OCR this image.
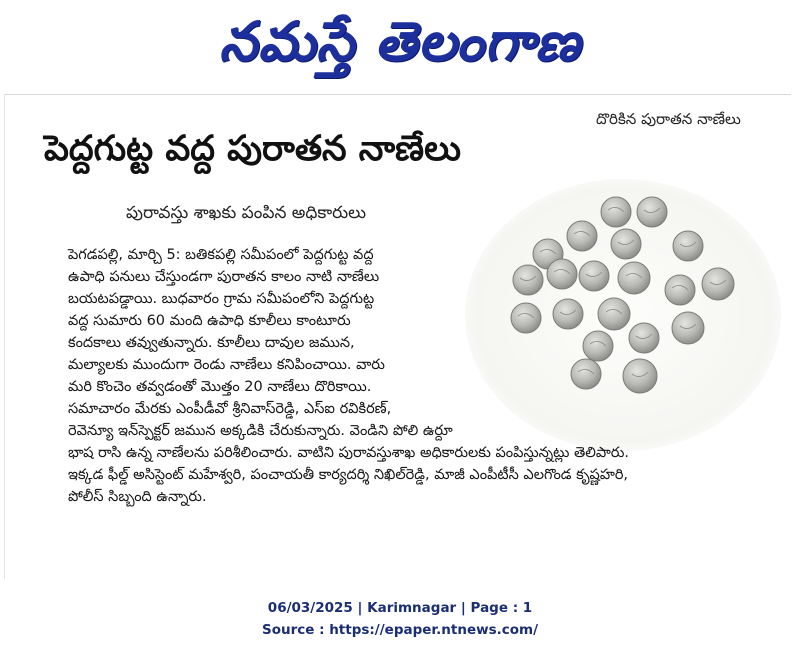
నమస్తే తెలంగాణ
దొరికిన పురాతన నాణేలు
పెద్దగుట్ట వద్ద పురాతన నాణేలు
పురావస్తు శాఖకు పంపిన అధికారులు
పెగడపల్లి, మార్చి 5: బతికపల్లి సమీపంలో పెద్దగుట్ట వద్ద
ఉపాధి పనులు చేస్తుండగా పురాతన కాలం నాటి నాణేలు
బయటపడ్డాయి. బుధవారం గ్రామ సమీపంలోని పెద్దగుట్ట
వద్ద సుమారు 60 మంది ఉపాధి కూలీలు కాంటూరు
కందకాలు తవ్వుతున్నారు. కూలీలు దావుల జమున,
మల్యాలకు ముందుగా రెండు నాణేలు కనిపించాయి. వారు
మరి కొంచెం తవ్వడంతో మొత్తం 20 నాణేలు దొరికాయి.
సమాచారం మేరకు ఎంపీడీవో శ్రీనివాస్‌రెడ్డి, ఎస్ఐ రవికిరణ్,
రెవెన్యూ ఇన్‌స్పెక్టర్ జమున అక్కడికి చేరుకున్నారు. వెండిని పోలి ఉర్దూ
భాష రాసి ఉన్న నాణేలను పరిశీలించారు. వాటిని పురావస్తుశాఖ అధికారులకు పంపిస్తున్నట్లు తెలిపారు.
ఇక్కడ ఫీల్డ్ అసిస్టెంట్ మహేశ్వరి, పంచాయతీ కార్యదర్శి నిఖిల్‌రెడ్డి, మాజీ ఎంపీటీసీ ఎలగొండ కృష్ణహరి,
పోలీస్ సిబ్బంది ఉన్నారు.
06/03/2025 | Karimnagar | Page : 1
Source : https://epaper.ntnews.com/
